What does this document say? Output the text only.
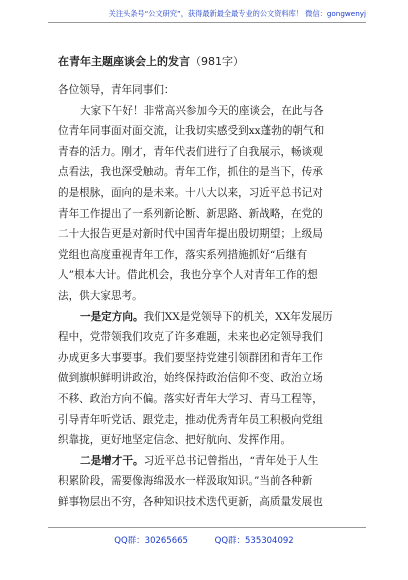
关注头条号“公文研究”，获得最新最全最专业的公文资料库！ 微信：gongwenyj
在青年主题座谈会上的发言（981字）
各位领导，青年同事们：
大家下午好！非常高兴参加今天的座谈会，在此与各
位青年同事面对面交流，让我切实感受到xx蓬勃的朝气和
青春的活力。刚才，青年代表们进行了自我展示，畅谈观
点看法，我也深受触动。青年工作，抓住的是当下，传承
的是根脉，面向的是未来。十八大以来，习近平总书记对
青年工作提出了一系列新论断、新思路、新战略，在党的
二十大报告更是对新时代中国青年提出殷切期望；上级局
党组也高度重视青年工作，落实系列措施抓好“后继有
人”根本大计。借此机会，我也分享个人对青年工作的想
法，供大家思考。
一是定方向。我们XX是党领导下的机关，XX年发展历
程中，党带领我们攻克了许多难题，未来也必定领导我们
办成更多大事要事。我们要坚持党建引领群团和青年工作
做到旗帜鲜明讲政治，始终保持政治信仰不变、政治立场
不移、政治方向不偏。落实好青年大学习、青马工程等，
引导青年听党话、跟党走，推动优秀青年员工积极向党组
织靠拢，更好地坚定信念、把好航向、发挥作用。
二是增才干。习近平总书记曾指出，“青年处于人生
积累阶段，需要像海绵汲水一样汲取知识。”当前各种新
鲜事物层出不穷，各种知识技术迭代更新，高质量发展也
QQ群：30265665	QQ群：535304092
